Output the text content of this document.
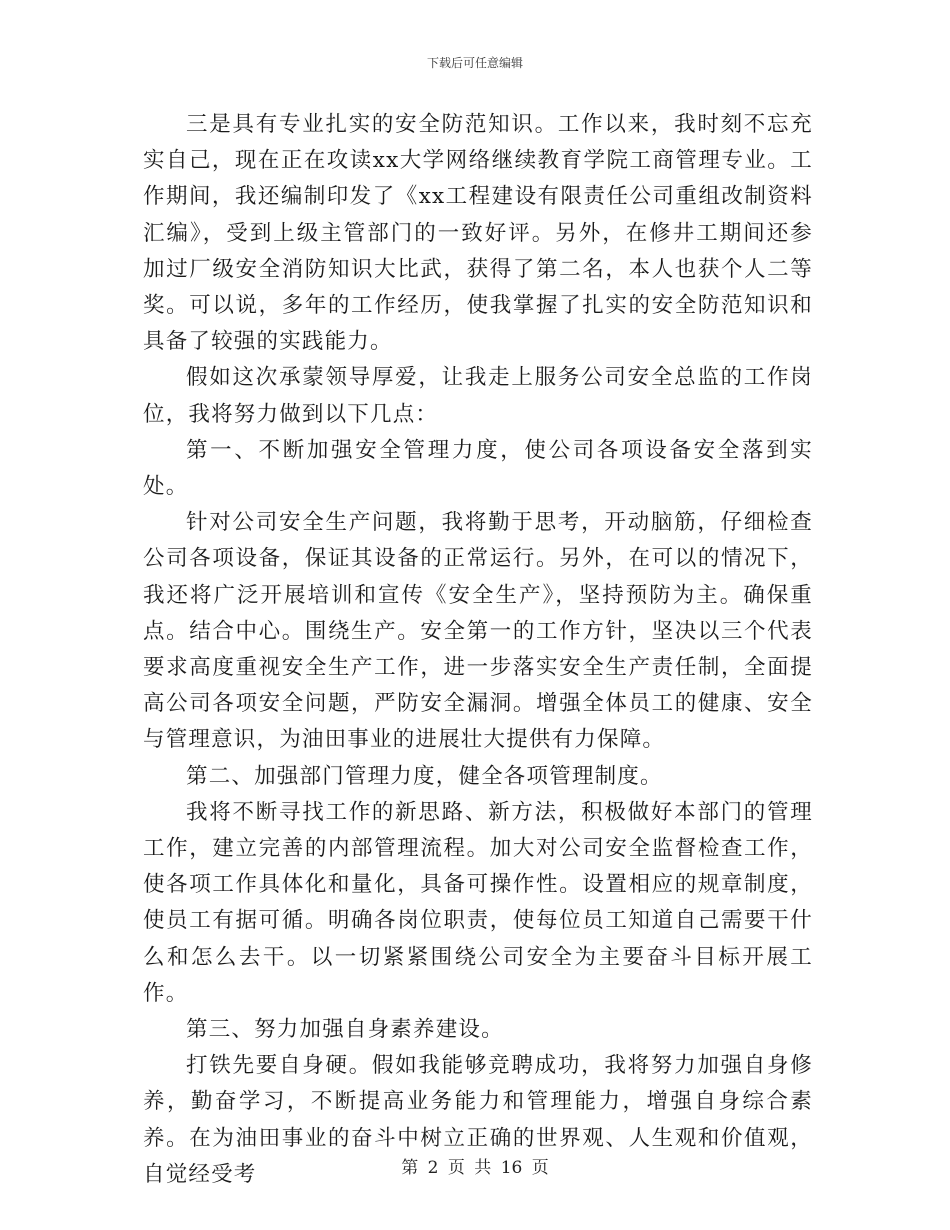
下载后可任意编辑

三是具有专业扎实的安全防范知识。工作以来，我时刻不忘充实自己，现在正在攻读xx大学网络继续教育学院工商管理专业。工作期间，我还编制印发了《xx工程建设有限责任公司重组改制资料汇编》，受到上级主管部门的一致好评。另外，在修井工期间还参加过厂级安全消防知识大比武，获得了第二名，本人也获个人二等奖。可以说，多年的工作经历，使我掌握了扎实的安全防范知识和具备了较强的实践能力。

假如这次承蒙领导厚爱，让我走上服务公司安全总监的工作岗位，我将努力做到以下几点：

第一、不断加强安全管理力度，使公司各项设备安全落到实处。

针对公司安全生产问题，我将勤于思考，开动脑筋，仔细检查公司各项设备，保证其设备的正常运行。另外，在可以的情况下，我还将广泛开展培训和宣传《安全生产》，坚持预防为主。确保重点。结合中心。围绕生产。安全第一的工作方针，坚决以三个代表要求高度重视安全生产工作，进一步落实安全生产责任制，全面提高公司各项安全问题，严防安全漏洞。增强全体员工的健康、安全与管理意识，为油田事业的进展壮大提供有力保障。

第二、加强部门管理力度，健全各项管理制度。

我将不断寻找工作的新思路、新方法，积极做好本部门的管理工作，建立完善的内部管理流程。加大对公司安全监督检查工作，使各项工作具体化和量化，具备可操作性。设置相应的规章制度，使员工有据可循。明确各岗位职责，使每位员工知道自己需要干什么和怎么去干。以一切紧紧围绕公司安全为主要奋斗目标开展工作。

第三、努力加强自身素养建设。

打铁先要自身硬。假如我能够竞聘成功，我将努力加强自身修养，勤奋学习，不断提高业务能力和管理能力，增强自身综合素养。在为油田事业的奋斗中树立正确的世界观、人生观和价值观，自觉经受考	第 2 页 共 16 页
